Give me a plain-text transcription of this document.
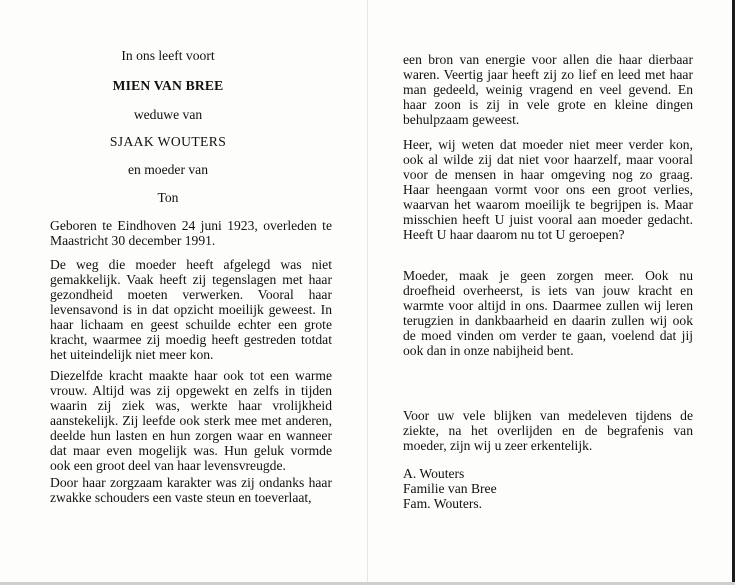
In ons leeft voort

MIEN VAN BREE

weduwe van

SJAAK WOUTERS

en moeder van

Ton

Geboren te Eindhoven 24 juni 1923, overleden te Maastricht 30 december 1991.

De weg die moeder heeft afgelegd was niet gemakkelijk. Vaak heeft zij tegenslagen met haar gezondheid moeten verwerken. Vooral haar levensavond is in dat opzicht moeilijk geweest. In haar lichaam en geest schuilde echter een grote kracht, waarmee zij moedig heeft gestreden totdat het uiteindelijk niet meer kon.

Diezelfde kracht maakte haar ook tot een warme vrouw. Altijd was zij opgewekt en zelfs in tijden waarin zij ziek was, werkte haar vrolijkheid aanstekelijk. Zij leefde ook sterk mee met anderen, deelde hun lasten en hun zorgen waar en wanneer dat maar even mogelijk was. Hun geluk vormde ook een groot deel van haar levensvreugde.

Door haar zorgzaam karakter was zij ondanks haar zwakke schouders een vaste steun en toeverlaat,

een bron van energie voor allen die haar dierbaar waren. Veertig jaar heeft zij zo lief en leed met haar man gedeeld, weinig vragend en veel gevend. En haar zoon is zij in vele grote en kleine dingen behulpzaam geweest.

Heer, wij weten dat moeder niet meer verder kon, ook al wilde zij dat niet voor haarzelf, maar vooral voor de mensen in haar omgeving nog zo graag. Haar heengaan vormt voor ons een groot verlies, waarvan het waarom moeilijk te begrijpen is. Maar misschien heeft U juist vooral aan moeder gedacht. Heeft U haar daarom nu tot U geroepen?

Moeder, maak je geen zorgen meer. Ook nu droefheid overheerst, is iets van jouw kracht en warmte voor altijd in ons. Daarmee zullen wij leren terugzien in dankbaarheid en daarin zullen wij ook de moed vinden om verder te gaan, voelend dat jij ook dan in onze nabijheid bent.

Voor uw vele blijken van medeleven tijdens de ziekte, na het overlijden en de begrafenis van moeder, zijn wij u zeer erkentelijk.

A. Wouters

Familie van Bree

Fam. Wouters.
